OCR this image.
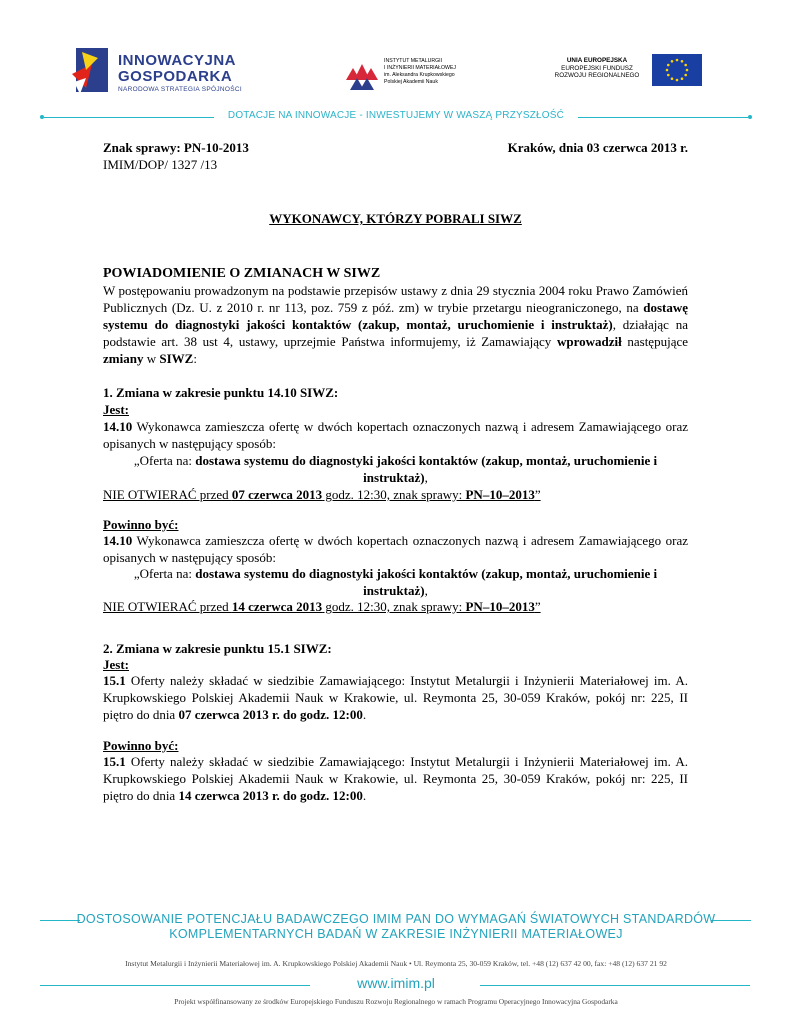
INNOWACYJNA
GOSPODARKA
NARODOWA STRATEGIA SPÓJNOŚCI
INSTYTUT METALURGII
I INŻYNIERII MATERIAŁOWEJ
im. Aleksandra Krupkowskiego
Polskiej Akademii Nauk
UNIA EUROPEJSKA
EUROPEJSKI FUNDUSZ
ROZWOJU REGIONALNEGO
DOTACJE NA INNOWACJE - INWESTUJEMY W WASZĄ PRZYSZŁOŚĆ
Znak sprawy: PN-10-2013	Kraków, dnia 03 czerwca 2013 r.
IMIM/DOP/ 1327 /13
WYKONAWCY, KTÓRZY POBRALI SIWZ
POWIADOMIENIE O ZMIANACH W SIWZ
W postępowaniu prowadzonym na podstawie przepisów ustawy z dnia 29 stycznia 2004 roku Prawo Zamówień Publicznych (Dz. U. z 2010 r. nr 113, poz. 759 z póź. zm) w trybie przetargu nieograniczonego, na dostawę systemu do diagnostyki jakości kontaktów (zakup, montaż, uruchomienie i instruktaż), działając na podstawie art. 38 ust 4, ustawy, uprzejmie Państwa informujemy, iż Zamawiający wprowadził następujące zmiany w SIWZ:
1. Zmiana w zakresie punktu 14.10 SIWZ:
Jest:
14.10 Wykonawca zamieszcza ofertę w dwóch kopertach oznaczonych nazwą i adresem Zamawiającego oraz opisanych w następujący sposób:
„Oferta na: dostawa systemu do diagnostyki jakości kontaktów (zakup, montaż, uruchomienie i instruktaż),
NIE OTWIERAĆ przed 07 czerwca 2013 godz. 12:30, znak sprawy: PN–10–2013”
Powinno być:
14.10 Wykonawca zamieszcza ofertę w dwóch kopertach oznaczonych nazwą i adresem Zamawiającego oraz opisanych w następujący sposób:
„Oferta na: dostawa systemu do diagnostyki jakości kontaktów (zakup, montaż, uruchomienie i instruktaż),
NIE OTWIERAĆ przed 14 czerwca 2013 godz. 12:30, znak sprawy: PN–10–2013”
2. Zmiana w zakresie punktu 15.1 SIWZ:
Jest:
15.1 Oferty należy składać w siedzibie Zamawiającego: Instytut Metalurgii i Inżynierii Materiałowej im. A. Krupkowskiego Polskiej Akademii Nauk w Krakowie, ul. Reymonta 25, 30-059 Kraków, pokój nr: 225, II piętro do dnia 07 czerwca 2013 r. do godz. 12:00.
Powinno być:
15.1 Oferty należy składać w siedzibie Zamawiającego: Instytut Metalurgii i Inżynierii Materiałowej im. A. Krupkowskiego Polskiej Akademii Nauk w Krakowie, ul. Reymonta 25, 30-059 Kraków, pokój nr: 225, II piętro do dnia 14 czerwca 2013 r. do godz. 12:00.
DOSTOSOWANIE POTENCJAŁU BADAWCZEGO IMIM PAN DO WYMAGAŃ ŚWIATOWYCH STANDARDÓW
KOMPLEMENTARNYCH BADAŃ W ZAKRESIE INŻYNIERII MATERIAŁOWEJ
Instytut Metalurgii i Inżynierii Materiałowej im. A. Krupkowskiego Polskiej Akademii Nauk • Ul. Reymonta 25, 30-059 Kraków, tel. +48 (12) 637 42 00, fax: +48 (12) 637 21 92
www.imim.pl
Projekt współfinansowany ze środków Europejskiego Funduszu Rozwoju Regionalnego w ramach Programu Operacyjnego Innowacyjna Gospodarka
